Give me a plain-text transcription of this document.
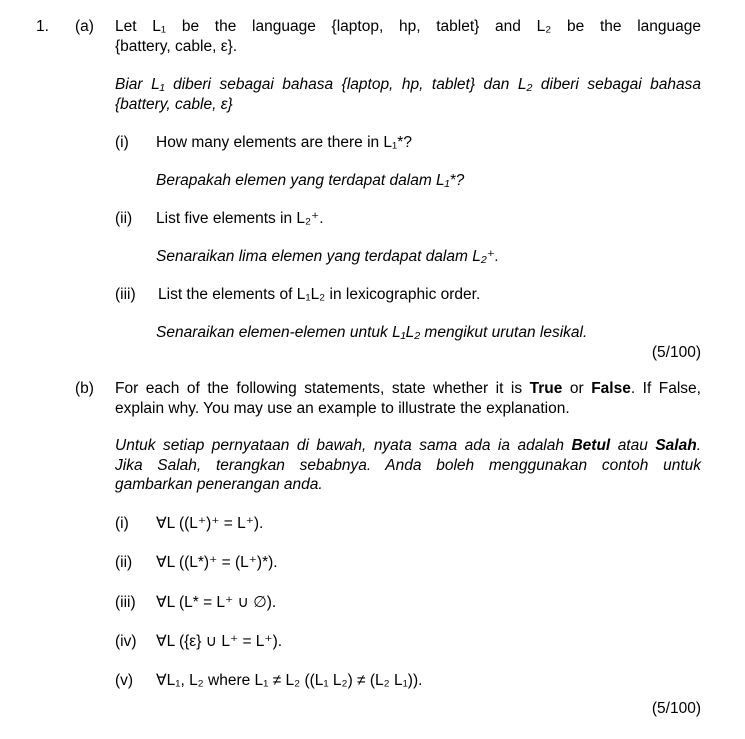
1. (a) Let L₁ be the language {laptop, hp, tablet} and L₂ be the language
{battery, cable, ε}.
Biar L₁ diberi sebagai bahasa {laptop, hp, tablet} dan L₂ diberi sebagai bahasa
{battery, cable, ε}
(i) How many elements are there in L₁*?
Berapakah elemen yang terdapat dalam L₁*?
(ii) List five elements in L₂⁺.
Senaraikan lima elemen yang terdapat dalam L₂⁺.
(iii) List the elements of L₁L₂ in lexicographic order.
Senaraikan elemen-elemen untuk L₁L₂ mengikut urutan lesikal.
(5/100)
(b) For each of the following statements, state whether it is True or False. If False,
explain why. You may use an example to illustrate the explanation.
Untuk setiap pernyataan di bawah, nyata sama ada ia adalah Betul atau Salah.
Jika Salah, terangkan sebabnya. Anda boleh menggunakan contoh untuk
gambarkan penerangan anda.
(i) ∀L ((L⁺)⁺ = L⁺).
(ii) ∀L ((L*)⁺ = (L⁺)*).
(iii) ∀L (L* = L⁺ ∪ ∅).
(iv) ∀L ({ε} ∪ L⁺ = L⁺).
(v) ∀L₁, L₂ where L₁ ≠ L₂ ((L₁ L₂) ≠ (L₂ L₁)).
(5/100)
